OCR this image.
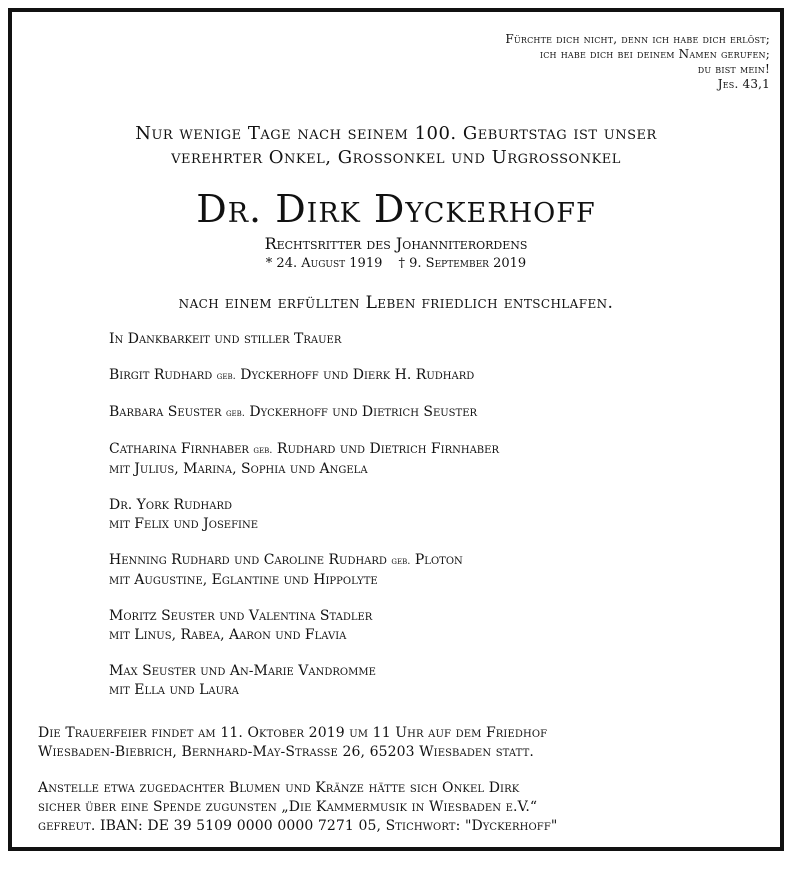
Fürchte dich nicht, denn ich habe dich erlöst;
ich habe dich bei deinem Namen gerufen;
du bist mein!
Jes. 43,1
Nur wenige Tage nach seinem 100. Geburtstag ist unser
verehrter Onkel, Grossonkel und Urgrossonkel
Dr. Dirk Dyckerhoff
Rechtsritter des Johanniterordens
* 24. August 1919 † 9. September 2019
nach einem erfüllten Leben friedlich entschlafen.
In Dankbarkeit und stiller Trauer
Birgit Rudhard geb. Dyckerhoff und Dierk H. Rudhard
Barbara Seuster geb. Dyckerhoff und Dietrich Seuster
Catharina Firnhaber geb. Rudhard und Dietrich Firnhaber
mit Julius, Marina, Sophia und Angela
Dr. York Rudhard
mit Felix und Josefine
Henning Rudhard und Caroline Rudhard geb. Ploton
mit Augustine, Eglantine und Hippolyte
Moritz Seuster und Valentina Stadler
mit Linus, Rabea, Aaron und Flavia
Max Seuster und An-Marie Vandromme
mit Ella und Laura

Die Trauerfeier findet am 11. Oktober 2019 um 11 Uhr auf dem Friedhof
Wiesbaden-Biebrich, Bernhard-May-Strasse 26, 65203 Wiesbaden statt.

Anstelle etwa zugedachter Blumen und Kränze hätte sich Onkel Dirk
sicher über eine Spende zugunsten „Die Kammermusik in Wiesbaden e.V.“
gefreut. IBAN: DE 39 5109 0000 0000 7271 05, Stichwort: "Dyckerhoff"
